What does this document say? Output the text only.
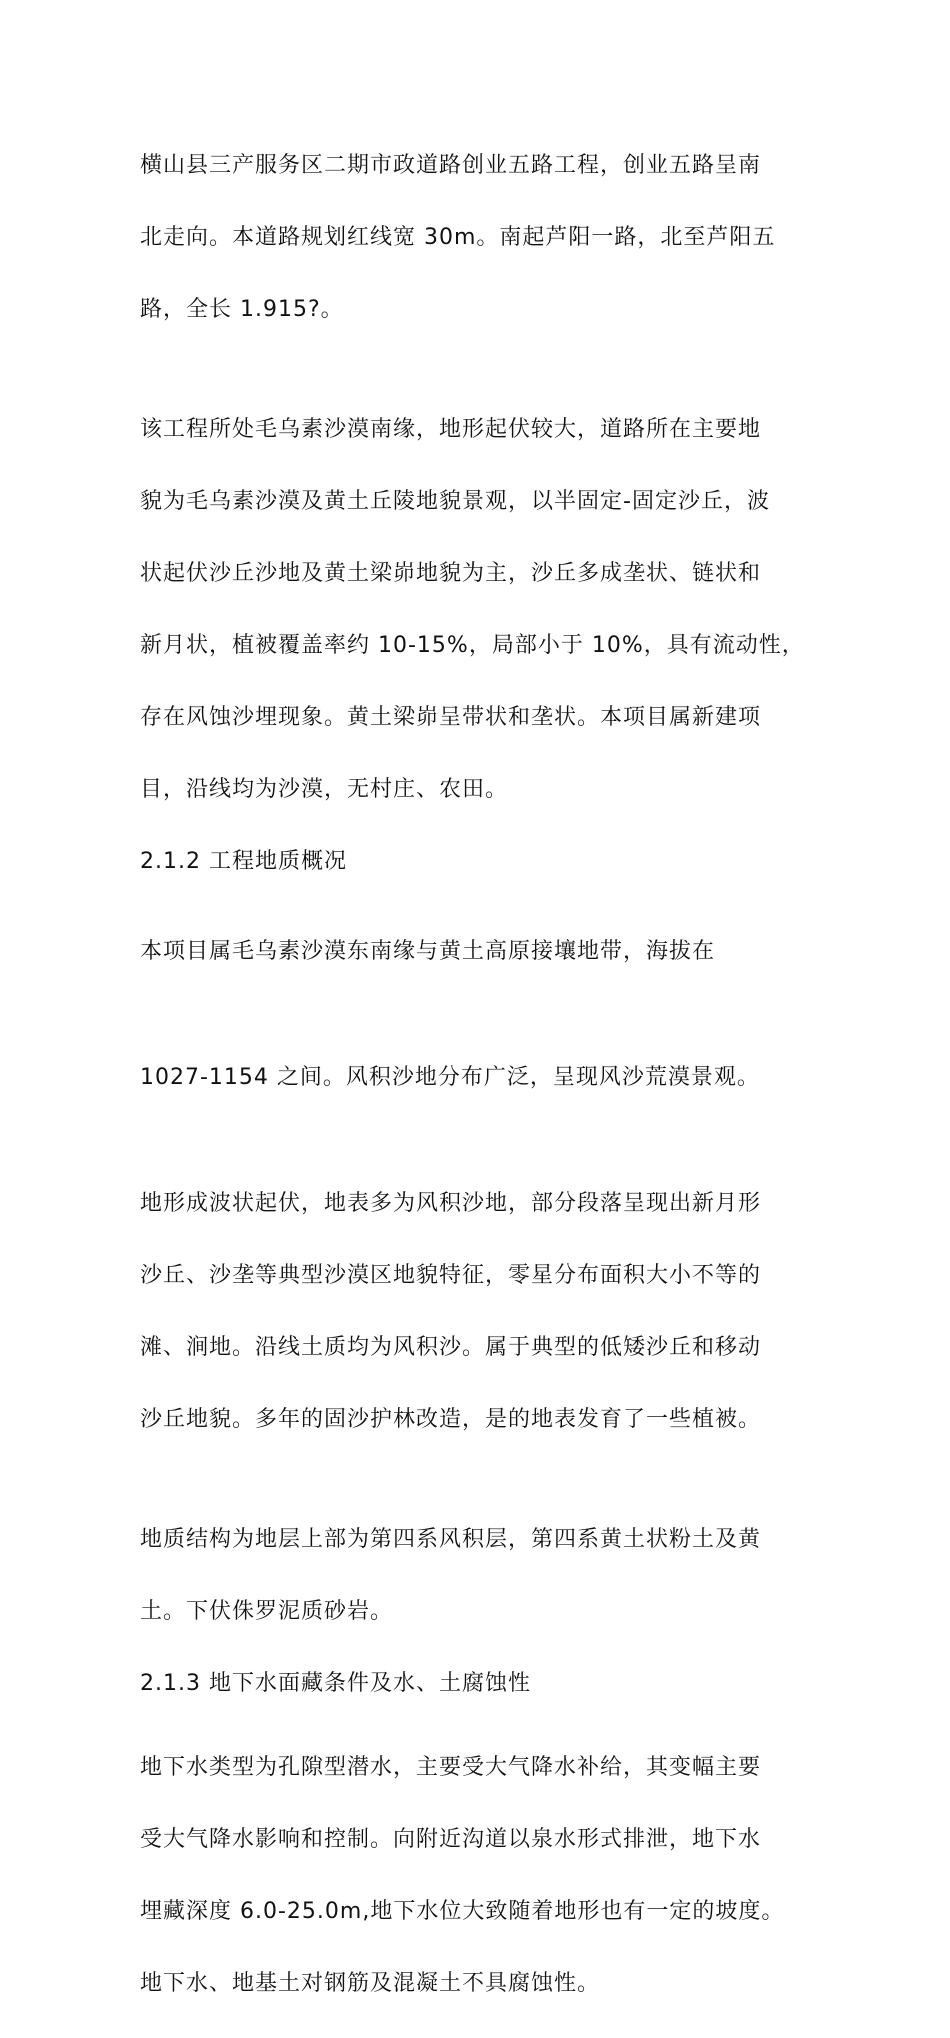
横山县三产服务区二期市政道路创业五路工程，创业五路呈南

北走向。本道路规划红线宽 30m。南起芦阳一路，北至芦阳五

路，全长 1.915?。

该工程所处毛乌素沙漠南缘，地形起伏较大，道路所在主要地

貌为毛乌素沙漠及黄土丘陵地貌景观，以半固定-固定沙丘，波

状起伏沙丘沙地及黄土梁峁地貌为主，沙丘多成垄状、链状和

新月状，植被覆盖率约 10-15%，局部小于 10%，具有流动性，

存在风蚀沙埋现象。黄土梁峁呈带状和垄状。本项目属新建项

目，沿线均为沙漠，无村庄、农田。

2.1.2 工程地质概况

本项目属毛乌素沙漠东南缘与黄土高原接壤地带，海拔在

1027-1154 之间。风积沙地分布广泛，呈现风沙荒漠景观。

地形成波状起伏，地表多为风积沙地，部分段落呈现出新月形

沙丘、沙垄等典型沙漠区地貌特征，零星分布面积大小不等的

滩、涧地。沿线土质均为风积沙。属于典型的低矮沙丘和移动

沙丘地貌。多年的固沙护林改造，是的地表发育了一些植被。

地质结构为地层上部为第四系风积层，第四系黄土状粉土及黄

土。下伏侏罗泥质砂岩。

2.1.3 地下水面藏条件及水、土腐蚀性

地下水类型为孔隙型潜水，主要受大气降水补给，其变幅主要

受大气降水影响和控制。向附近沟道以泉水形式排泄，地下水

埋藏深度 6.0-25.0m,地下水位大致随着地形也有一定的坡度。

地下水、地基土对钢筋及混凝土不具腐蚀性。
